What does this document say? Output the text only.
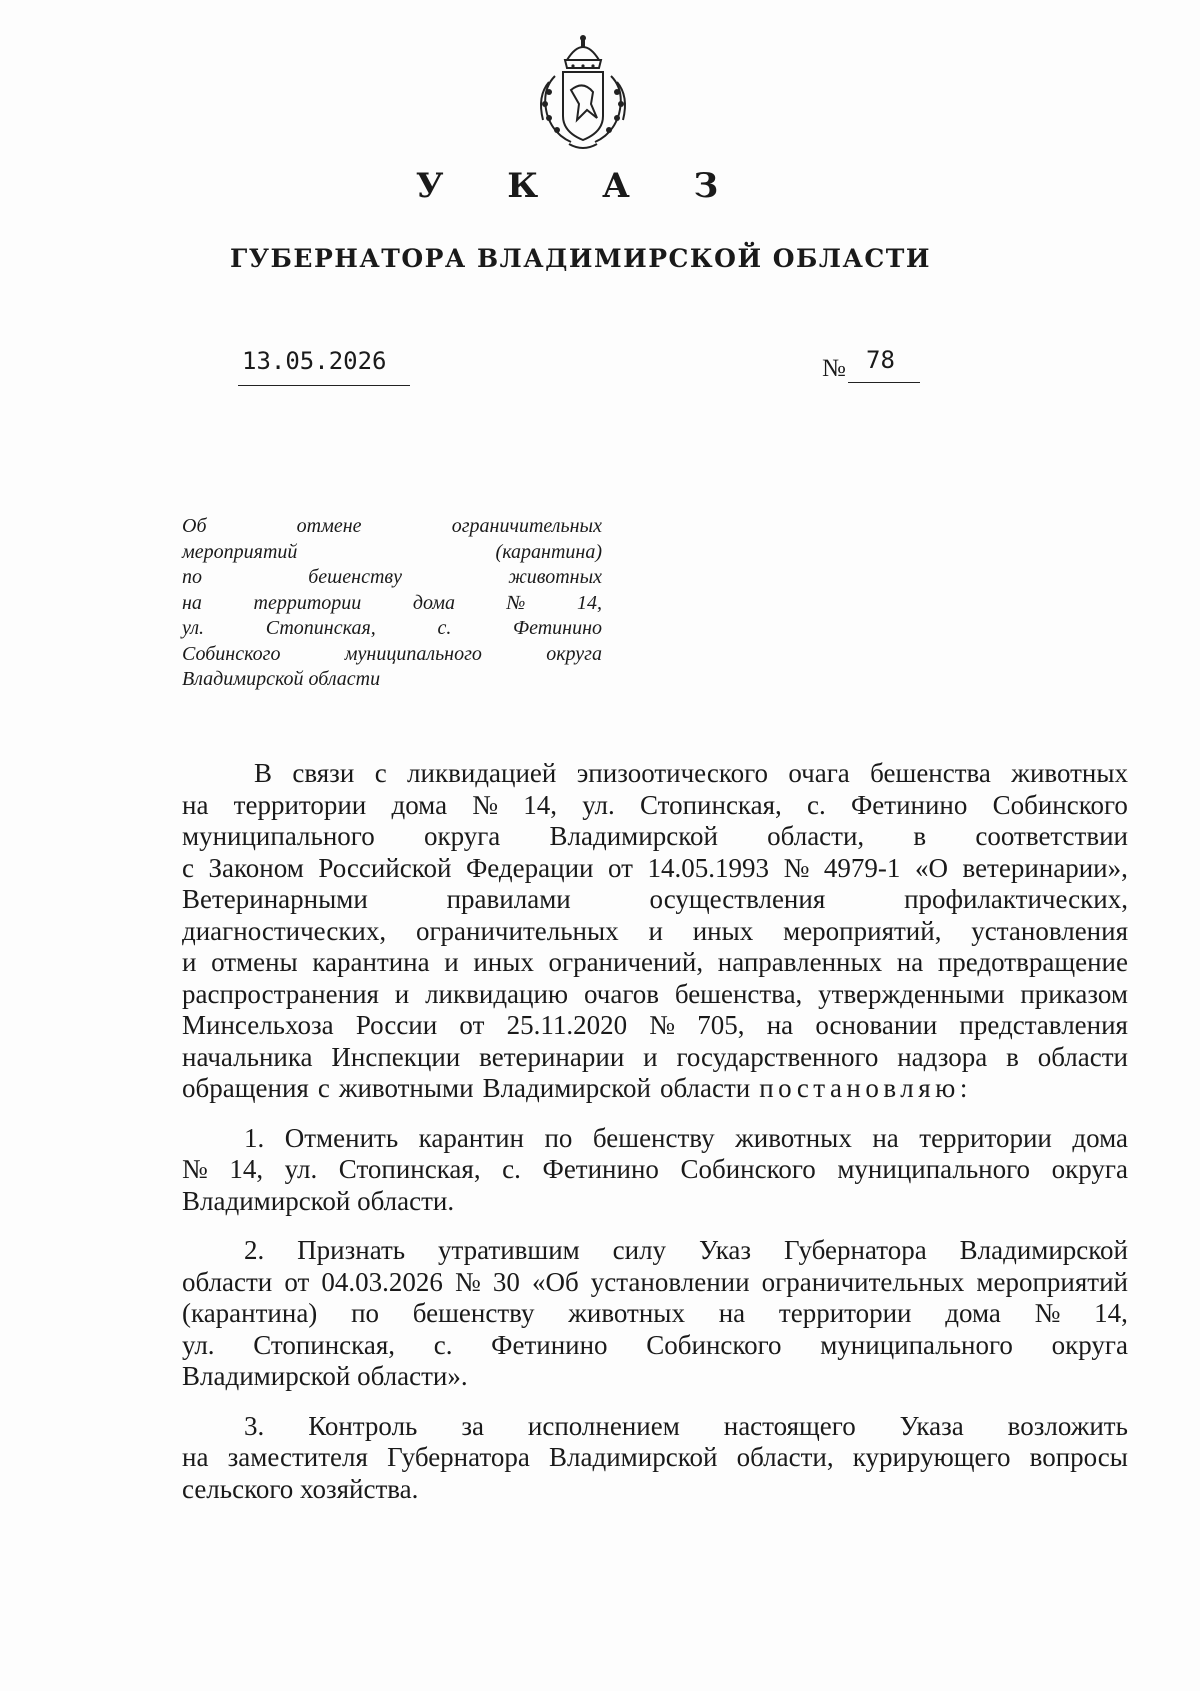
У К А З
ГУБЕРНАТОРА ВЛАДИМИРСКОЙ ОБЛАСТИ
13.05.2026	№ 78
Об	отмене	ограничительных
мероприятий	(карантина)
по	бешенству	животных
на	территории	дома	№	14,
ул.	Стопинская,	с.	Фетинино
Собинского	муниципального	округа
Владимирской области
В связи с ликвидацией эпизоотического очага бешенства животных
на территории дома № 14, ул. Стопинская, с. Фетинино Собинского
муниципального округа Владимирской области, в соответствии
с Законом Российской Федерации от 14.05.1993 № 4979-1 «О ветеринарии»,
Ветеринарными	правилами	осуществления	профилактических,
диагностических, ограничительных и иных мероприятий, установления
и отмены карантина и иных ограничений, направленных на предотвращение
распространения и ликвидацию очагов бешенства, утвержденными приказом
Минсельхоза России от 25.11.2020 № 705, на основании представления
начальника Инспекции ветеринарии и государственного надзора в области
обращения с животными Владимирской области постановляю:
1. Отменить карантин по бешенству животных на территории дома
№ 14, ул. Стопинская, с. Фетинино Собинского муниципального округа
Владимирской области.
2. Признать утратившим силу Указ Губернатора Владимирской
области от 04.03.2026 № 30 «Об установлении ограничительных мероприятий
(карантина) по бешенству животных на территории дома № 14,
ул. Стопинская, с. Фетинино Собинского муниципального округа
Владимирской области».
3. Контроль за исполнением настоящего Указа возложить
на заместителя Губернатора Владимирской области, курирующего вопросы
сельского хозяйства.
